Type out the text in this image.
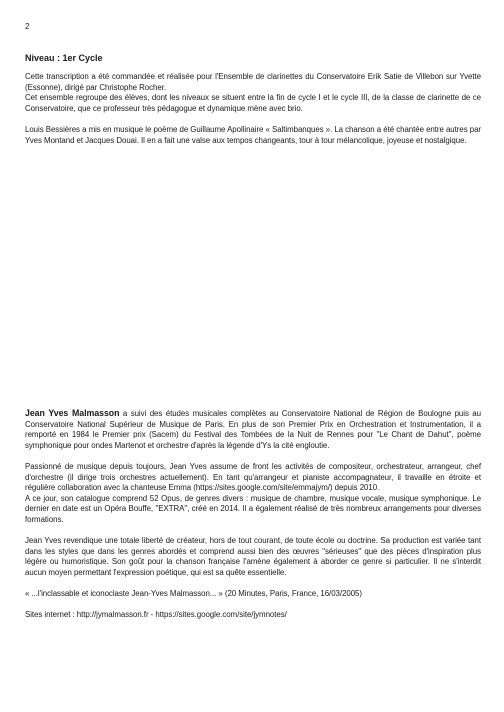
2
Niveau : 1er Cycle

Cette transcription a été commandée et réalisée pour l'Ensemble de clarinettes du Conservatoire Erik Satie de Villebon sur Yvette (Essonne), dirigé par Christophe Rocher.

Cet ensemble regroupe des élèves, dont les niveaux se situent entre la fin de cycle I et le cycle III, de la classe de clarinette de ce Conservatoire, que ce professeur très pédagogue et dynamique mène avec brio.

Louis Bessières a mis en musique le poème de Guillaume Apollinaire « Saltimbanques ». La chanson a été chantée entre autres par Yves Montand et Jacques Douai. Il en a fait une valse aux tempos changeants, tour à tour mélancolique, joyeuse et nostalgique.

Jean Yves Malmasson a suivi des études musicales complètes au Conservatoire National de Région de Boulogne puis au Conservatoire National Supérieur de Musique de Paris. En plus de son Premier Prix en Orchestration et Instrumentation, il a remporté en 1984 le Premier prix (Sacem) du Festival des Tombées de la Nuit de Rennes pour "Le Chant de Dahut", poème symphonique pour ondes Martenot et orchestre d'après la légende d'Ys la cité engloutie.

Passionné de musique depuis toujours, Jean Yves assume de front les activités de compositeur, orchestrateur, arrangeur, chef d'orchestre (il dirige trois orchestres actuellement). En tant qu'arrangeur et pianiste accompagnateur, il travaille en étroite et régulière collaboration avec la chanteuse Emma (https://sites.google.com/site/emmajym/) depuis 2010.

A ce jour, son catalogue comprend 52 Opus, de genres divers : musique de chambre, musique vocale, musique symphonique. Le dernier en date est un Opéra Bouffe, "EXTRA", créé en 2014. Il a également réalisé de très nombreux arrangements pour diverses formations.

Jean Yves revendique une totale liberté de créateur, hors de tout courant, de toute école ou doctrine. Sa production est variée tant dans les styles que dans les genres abordés et comprend aussi bien des œuvres "sérieuses" que des pièces d'inspiration plus légère ou humoristique. Son goût pour la chanson française l'amène également à aborder ce genre si particulier. Il ne s'interdit aucun moyen permettant l'expression poétique, qui est sa quête essentielle.

« ...l'inclassable et iconoclaste Jean-Yves Malmasson... » (20 Minutes, Paris, France, 16/03/2005)

Sites internet : http://jymalmasson.fr - https://sites.google.com/site/jymnotes/
